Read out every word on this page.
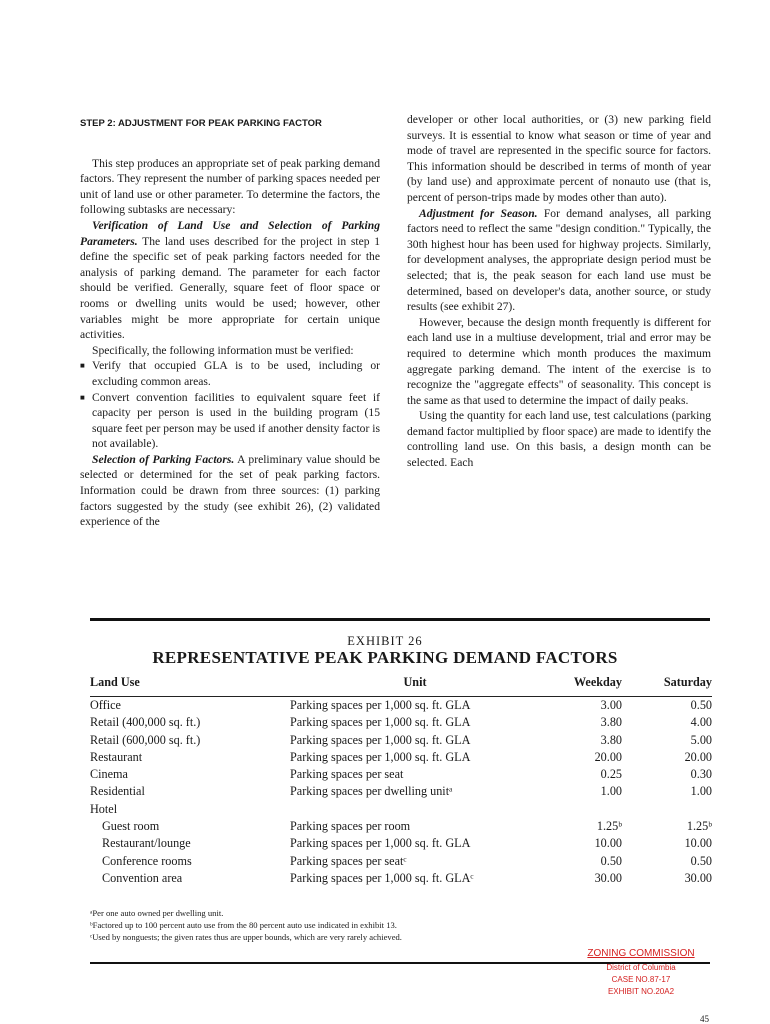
STEP 2: ADJUSTMENT FOR PEAK PARKING FACTOR

This step produces an appropriate set of peak parking demand factors. They represent the number of parking spaces needed per unit of land use or other parameter. To determine the factors, the following subtasks are necessary:

Verification of Land Use and Selection of Parking Parameters. The land uses described for the project in step 1 define the specific set of peak parking factors needed for the analysis of parking demand. The parameter for each factor should be verified. Generally, square feet of floor space or rooms or dwelling units would be used; however, other variables might be more appropriate for certain unique activities.

Specifically, the following information must be verified:

■ Verify that occupied GLA is to be used, including or excluding common areas.
■ Convert convention facilities to equivalent square feet if capacity per person is used in the building program (15 square feet per person may be used if another density factor is not available).

Selection of Parking Factors. A preliminary value should be selected or determined for the set of peak parking factors. Information could be drawn from three sources: (1) parking factors suggested by the study (see exhibit 26), (2) validated experience of the

developer or other local authorities, or (3) new parking field surveys. It is essential to know what season or time of year and mode of travel are represented in the specific source for factors. This information should be described in terms of month of year (by land use) and approximate percent of nonauto use (that is, percent of person-trips made by modes other than auto).

Adjustment for Season. For demand analyses, all parking factors need to reflect the same "design condition." Typically, the 30th highest hour has been used for highway projects. Similarly, for development analyses, the appropriate design period must be selected; that is, the peak season for each land use must be determined, based on developer's data, another source, or study results (see exhibit 27).

However, because the design month frequently is different for each land use in a multiuse development, trial and error may be required to determine which month produces the maximum aggregate parking demand. The intent of the exercise is to recognize the "aggregate effects" of seasonality. This concept is the same as that used to determine the impact of daily peaks.

Using the quantity for each land use, test calculations (parking demand factor multiplied by floor space) are made to identify the controlling land use. On this basis, a design month can be selected. Each

EXHIBIT 26
REPRESENTATIVE PEAK PARKING DEMAND FACTORS
Land Use	Unit	Weekday	Saturday
Office	Parking spaces per 1,000 sq. ft. GLA	3.00	0.50
Retail (400,000 sq. ft.)	Parking spaces per 1,000 sq. ft. GLA	3.80	4.00
Retail (600,000 sq. ft.)	Parking spaces per 1,000 sq. ft. GLA	3.80	5.00
Restaurant	Parking spaces per 1,000 sq. ft. GLA	20.00	20.00
Cinema	Parking spaces per seat	0.25	0.30
Residential	Parking spaces per dwelling unitᵃ	1.00	1.00
Hotel			
Guest room	Parking spaces per room	1.25ᵇ	1.25ᵇ
Restaurant/lounge	Parking spaces per 1,000 sq. ft. GLA	10.00	10.00
Conference rooms	Parking spaces per seatᶜ	0.50	0.50
Convention area	Parking spaces per 1,000 sq. ft. GLAᶜ	30.00	30.00
ᵃPer one auto owned per dwelling unit.
ᵇFactored up to 100 percent auto use from the 80 percent auto use indicated in exhibit 13.
ᶜUsed by nonguests; the given rates thus are upper bounds, which are very rarely achieved.
ZONING COMMISSION
District of Columbia
CASE NO.87-17
EXHIBIT NO.20A2
45
